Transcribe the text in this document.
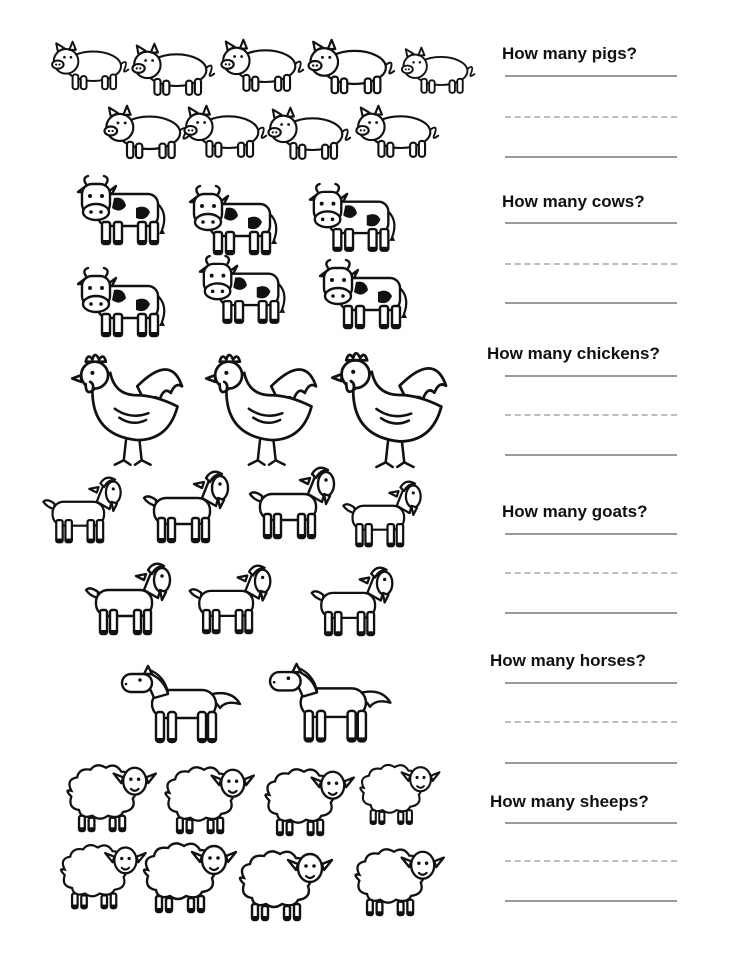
How many pigs?
How many cows?
How many chickens?
How many goats?
How many horses?
How many sheeps?
